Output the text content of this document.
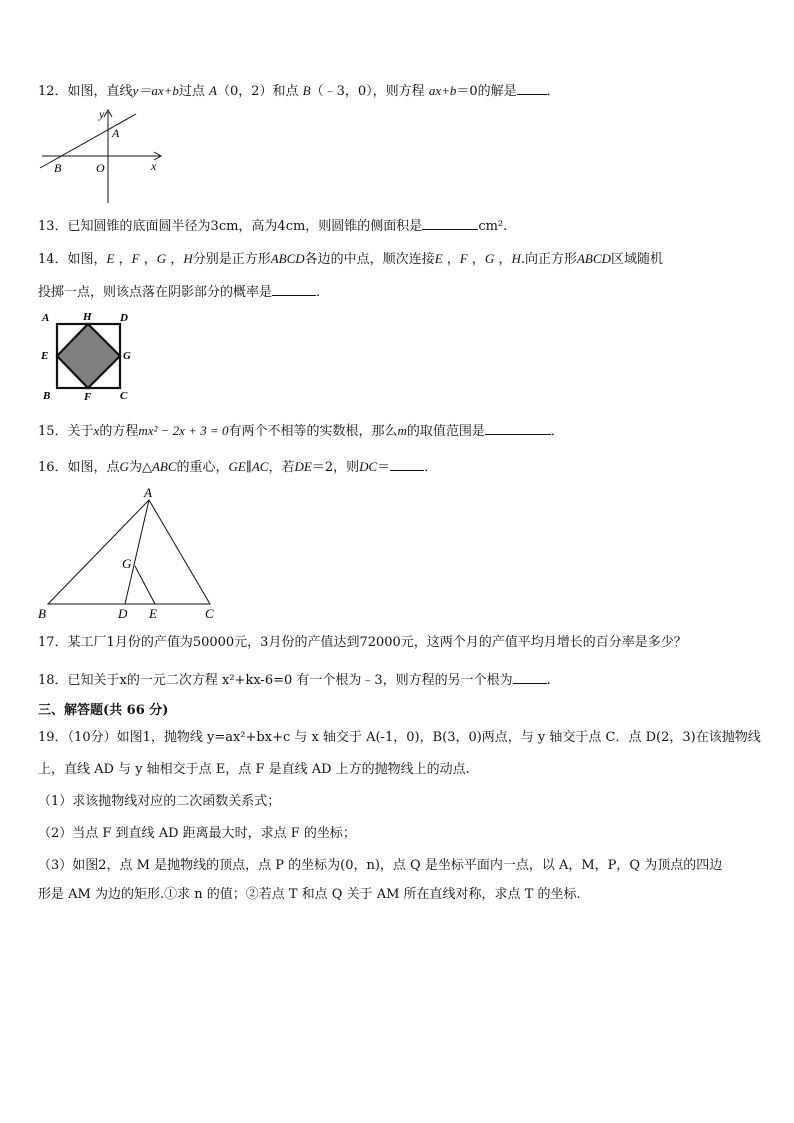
12．如图，直线y＝ax+b过点 A（0，2）和点 B（﹣3，0），则方程 ax+b＝0的解是 ．
y
A
B	O	x
13．已知圆锥的底面圆半径为3cm，高为4cm，则圆锥的侧面积是	cm².
14．如图，E ，F ，G ，H分别是正方形ABCD各边的中点，顺次连接E ，F ，G ，H.向正方形ABCD区域随机
投掷一点，则该点落在阴影部分的概率是	.
A	H	D
E	G
B	F	C
15．关于x的方程mx² − 2x + 3 = 0有两个不相等的实数根，那么m的取值范围是	．
16．如图，点G为△ABC的重心，GE∥AC，若DE＝2，则DC＝	．
A
G
B	D E	C
17．某工厂1月份的产值为50000元，3月份的产值达到72000元，这两个月的产值平均月增长的百分率是多少？
18．已知关于x的一元二次方程 x²+kx-6=0 有一个根为﹣3，则方程的另一个根为	.
三、解答题(共 66 分)
19．（10分）如图1，抛物线 y=ax²+bx+c 与 x 轴交于 A(-1，0)，B(3，0)两点，与 y 轴交于点 C．点 D(2，3)在该抛物线
上，直线 AD 与 y 轴相交于点 E，点 F 是直线 AD 上方的抛物线上的动点.
（1）求该抛物线对应的二次函数关系式；
（2）当点 F 到直线 AD 距离最大时，求点 F 的坐标；
（3）如图2，点 M 是抛物线的顶点，点 P 的坐标为(0，n)，点 Q 是坐标平面内一点，以 A，M，P，Q 为顶点的四边
形是 AM 为边的矩形.①求 n 的值；②若点 T 和点 Q 关于 AM 所在直线对称，求点 T 的坐标.
